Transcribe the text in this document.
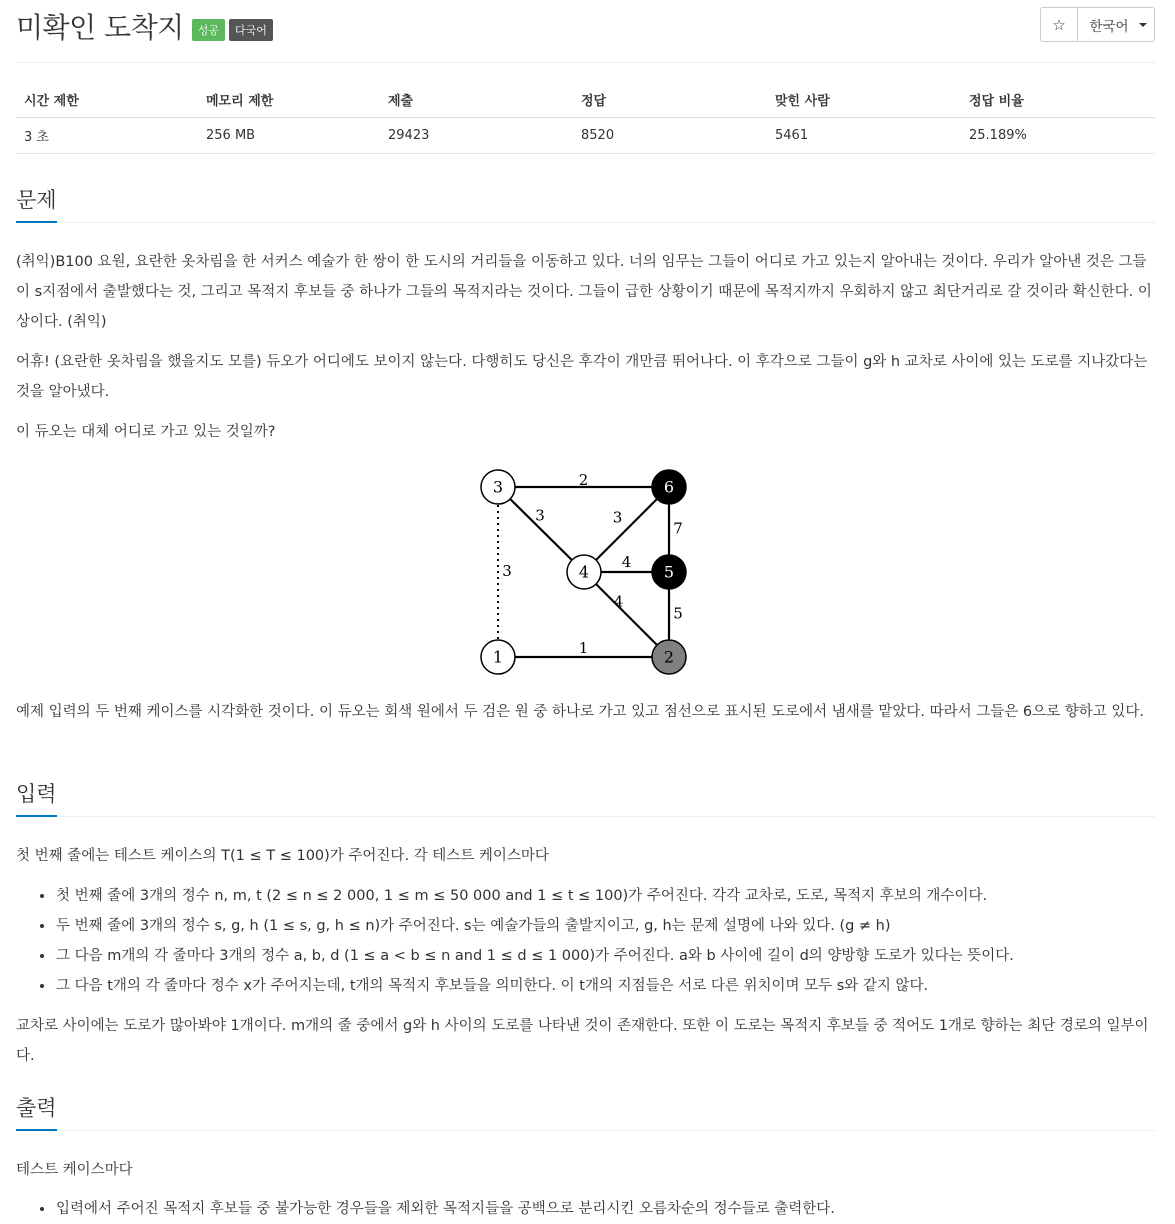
미확인 도착지	성공	다국어	☆ 한국어
시간 제한	메모리 제한	제출	정답	맞힌 사람	정답 비율
3 초	256 MB	29423	8520	5461	25.189%
문제

(취익)B100 요원, 요란한 옷차림을 한 서커스 예술가 한 쌍이 한 도시의 거리들을 이동하고 있다. 너의 임무는 그들이 어디로 가고 있는지 알아내는 것이다. 우리가 알아낸 것은 그들이 s지점에서 출발했다는 것, 그리고 목적지 후보들 중 하나가 그들의 목적지라는 것이다. 그들이 급한 상황이기 때문에 목적지까지 우회하지 않고 최단거리로 갈 것이라 확신한다. 이상이다. (취익)

어휴! (요란한 옷차림을 했을지도 모를) 듀오가 어디에도 보이지 않는다. 다행히도 당신은 후각이 개만큼 뛰어나다. 이 후각으로 그들이 g와 h 교차로 사이에 있는 도로를 지나갔다는 것을 알아냈다.

이 듀오는 대체 어디로 가고 있는 것일까?

2
3	3
7
4
4
5
1
3
3	6
4	5
1	2

예제 입력의 두 번째 케이스를 시각화한 것이다. 이 듀오는 회색 원에서 두 검은 원 중 하나로 가고 있고 점선으로 표시된 도로에서 냄새를 맡았다. 따라서 그들은 6으로 향하고 있다.

입력

첫 번째 줄에는 테스트 케이스의 T(1 ≤ T ≤ 100)가 주어진다. 각 테스트 케이스마다

• 첫 번째 줄에 3개의 정수 n, m, t (2 ≤ n ≤ 2 000, 1 ≤ m ≤ 50 000 and 1 ≤ t ≤ 100)가 주어진다. 각각 교차로, 도로, 목적지 후보의 개수이다.
• 두 번째 줄에 3개의 정수 s, g, h (1 ≤ s, g, h ≤ n)가 주어진다. s는 예술가들의 출발지이고, g, h는 문제 설명에 나와 있다. (g ≠ h)
• 그 다음 m개의 각 줄마다 3개의 정수 a, b, d (1 ≤ a < b ≤ n and 1 ≤ d ≤ 1 000)가 주어진다. a와 b 사이에 길이 d의 양방향 도로가 있다는 뜻이다.
• 그 다음 t개의 각 줄마다 정수 x가 주어지는데, t개의 목적지 후보들을 의미한다. 이 t개의 지점들은 서로 다른 위치이며 모두 s와 같지 않다.

교차로 사이에는 도로가 많아봐야 1개이다. m개의 줄 중에서 g와 h 사이의 도로를 나타낸 것이 존재한다. 또한 이 도로는 목적지 후보들 중 적어도 1개로 향하는 최단 경로의 일부이다.

출력

테스트 케이스마다

• 입력에서 주어진 목적지 후보들 중 불가능한 경우들을 제외한 목적지들을 공백으로 분리시킨 오름차순의 정수들로 출력한다.
